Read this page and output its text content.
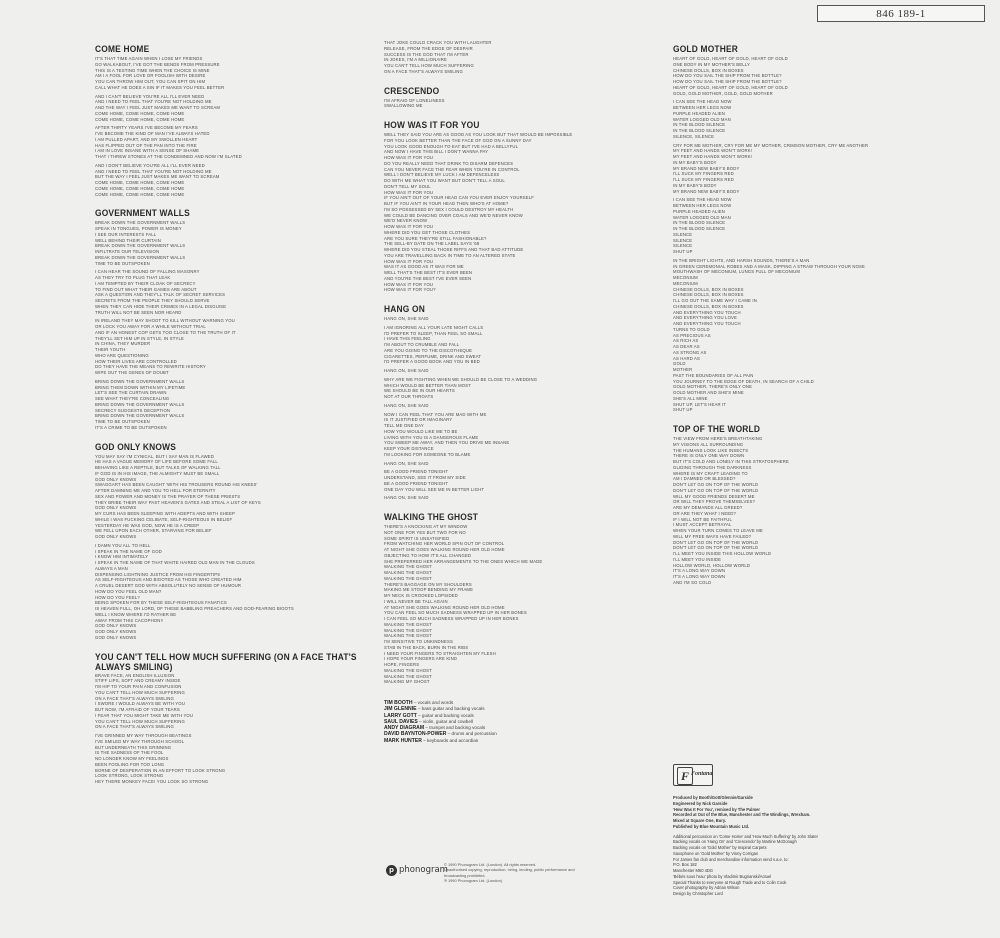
846 189-1
COME HOME
IT'S THAT TIME AGAIN WHEN I LOSE MY FRIENDS
GO WALKABOUT, I'VE GOT THE BENDS FROM PRESSURE
THIS IS A TESTING TIME WHEN THE CHOICE IS MINE
AM I A FOOL FOR LOVE OR FOOLISH WITH DESIRE
YOU CAN THROW HIM OUT, YOU CAN SPIT ON HIM
CALL WHAT HE DOES A SIN IF IT MAKES YOU FEEL BETTER
AND I CAN'T BELIEVE YOU'RE ALL I'LL EVER NEED
AND I NEED TO FEEL THAT YOU'RE NOT HOLDING ME
AND THE WAY I FEEL JUST MAKES ME WANT TO SCREAM
COME HOME, COME HOME, COME HOME
COME HOME, COME HOME, COME HOME
AFTER THIRTY YEARS I'VE BECOME MY FEARS
I'VE BECOME THE KIND OF MAN I'VE ALWAYS HATED
I AM PULLED APART, AND MY SWOLLEN HEART
HAS FLIPPED OUT OF THE PAN INTO THE FIRE
I AM IN LOVE INSANE WITH A SENSE OF SHAME
THAT I THREW STONES AT THE CONDEMNED AND NOW I'M SLATED
AND I DON'T BELIEVE YOU'RE ALL I'LL EVER NEED
AND I NEED TO FEEL THAT YOU'RE NOT HOLDING ME
BUT THE WAY I FEEL JUST MAKES ME WANT TO SCREAM
COME HOME, COME HOME, COME HOME
COME HOME, COME HOME, COME HOME
COME HOME, COME HOME, COME HOME
GOVERNMENT WALLS
BREAK DOWN THE GOVERNMENT WALLS
SPEAK IN TONGUES, POWER IS MONEY
I SEE OUR INTERESTS FALL
WELL BEHIND THEIR CURTAIN
BREAK DOWN THE GOVERNMENT WALLS
INFILTRATE OUR TELEVISION
BREAK DOWN THE GOVERNMENT WALLS
TIME TO BE OUTSPOKEN
I CAN HEAR THE SOUND OF FALLING MASONRY
AS THEY TRY TO PLUG THAT LEAK
I AM TEMPTED BY THEIR CLOAK OF SECRECY
TO FIND OUT WHAT THEIR GAMES ARE ABOUT
ASK A QUESTION AND THEY'LL TALK OF SECRET SERVICES
SECRETS FROM THE PEOPLE THEY SHOULD SERVE
WHEN THEY CAN HIDE THEIR CRIMES IN A LEGAL DISGUISE
TRUTH WILL NOT BE SEEN NOR HEARD
IN IRELAND THEY MAY SHOOT TO KILL WITHOUT WARNING YOU
OR LOCK YOU AWAY FOR A WHILE WITHOUT TRIAL
AND IF AN HONEST COP GETS TOO CLOSE TO THE TRUTH OF IT
THEY'LL SET HIM UP IN STYLE, IN STYLE
IN CHINA, THEY MURDER
THEIR YOUTH
WHO ARE QUESTIONING
HOW THEIR LIVES ARE CONTROLLED
DO THEY HAVE THE MEANS TO REWRITE HISTORY
WIPE OUT THE GENES OF DOUBT
BRING DOWN THE GOVERNMENT WALLS
BRING THEM DOWN WITHIN MY LIFETIME
LET'S SEE THE CURTAIN DRAWN
SEE WHAT THEY'RE CONCEALING
BRING DOWN THE GOVERNMENT WALLS
SECRECY SUGGESTS DECEPTION
BRING DOWN THE GOVERNMENT WALLS
TIME TO BE OUTSPOKEN
IT'S A CRIME TO BE OUTSPOKEN
GOD ONLY KNOWS
YOU MAY SAY I'M CYNICAL, BUT I SAY MAN IS FLAWED
HE HAS A VAGUE MEMORY OF LIFE BEFORE SOME FALL
BEHAVING LIKE A REPTILE, BUT TALKS OF WALKING TALL
IF GOD IS IN HIS IMAGE, THE ALMIGHTY MUST BE SMALL
GOD ONLY KNOWS
SWAGGART HAS BEEN CAUGHT 'WITH HIS TROUSERS ROUND HIS KNEES'
AFTER DAMNING ME AND YOU TO HELL FOR ETERNITY
SEX AND POWER AND MONEY IS THE PRAYER OF THESE PRIESTS
THEY BRIBE THEIR WAY PAST HEAVEN'S GATES AND STEAL A LIST OF KEYS
GOD ONLY KNOWS
MY CURS HAS BEEN SLEEPING WITH ADEPTS AND WITH SHEEP
WHILE I WAS FUCKING CELIBATE, SELF-RIGHTEOUS IN BELIEF
YESTERDAY HE WAS GOD, NOW HE IS A CREEP
WE FELL UPON EACH OTHER, STARVING FOR BELIEF
GOD ONLY KNOWS
I DAMN YOU ALL TO HELL
I SPEAK IN THE NAME OF GOD
I KNOW HIM INTIMATELY
I SPEAK IN THE NAME OF THAT WHITE HAIRED OLD MAN IN THE CLOUDS
ALWAYS A MAN
DISPENSING LIGHTNING JUSTICE FROM HIS FINGERTIPS
AS SELF-RIGHTEOUS AND BIGOTED AS THOSE WHO CREATED HIM
A CRUEL DESERT GOD WITH ABSOLUTELY NO SENSE OF HUMOUR
HOW DO YOU FEEL OLD MAN?
HOW DO YOU FEEL?
BEING SPOKEN FOR BY THESE SELF-RIGHTEOUS FANATICS
IS HEAVEN FULL, OH LORD, OF THESE BABBLING PREACHERS AND GOD-FEARING BIGOTS
WELL I KNOW WHERE I'D RATHER BE
AWAY FROM THIS CACOPHONY
GOD ONLY KNOWS
GOD ONLY KNOWS
GOD ONLY KNOWS
YOU CAN'T TELL HOW MUCH SUFFERING (ON A FACE THAT'S ALWAYS SMILING)
BRAVE FACE, AN ENGLISH ILLUSION
STIFF LIPS, SOFT AND CREAMY INSIDE
I'M HIP TO YOUR PAIN AND CONFUSION
YOU CAN'T TELL HOW MUCH SUFFERING
ON A FACE THAT'S ALWAYS SMILING
I SWORE I WOULD ALWAYS BE WITH YOU
BUT NOW, I'M AFRAID OF YOUR TEARS
I FEAR THAT YOU MIGHT TAKE ME WITH YOU
YOU CAN'T TELL HOW MUCH SUFFERING
ON A FACE THAT'S ALWAYS SMILING
I'VE GRINNED MY WAY THROUGH BEATINGS
I'VE SMILED MY WAY THROUGH SCHOOL
BUT UNDERNEATH THIS GRINNING
IS THE SADNESS OF THE FOOL
NO LONGER KNOW MY FEELINGS
BEEN FOOLING FOR TOO LONG
BORNE OF DESPERATION IN AN EFFORT TO LOOK STRONG
LOOK STRONG, LOOK STRONG
HEY THERE MONKEY FACE! YOU LOOK SO STRONG
THAT JOKE COULD CRACK YOU WITH LAUGHTER
RELEASE, FROM THE EDGE OF DESPAIR
SUCCESS IS THE GOD THAT I'M AFTER
IN JOKES, I'M A MILLIONAIRE
YOU CAN'T TELL HOW MUCH SUFFERING
ON A FACE THAT'S ALWAYS SMILING
CRESCENDO
I'M AFRAID OF LONELINESS
SWALLOWING ME
HOW WAS IT FOR YOU
WELL THEY SAID YOU ARE AS GOOD AS YOU LOOK BUT THAT WOULD BE IMPOSSIBLE
FOR YOU LOOK BETTER THAN THE FACE OF GOD ON A SUNNY DAY
YOU LOOK GOOD ENOUGH TO EAT BUT I'VE HAD A BELLYFUL
AND NOW I HAVE THIS BILL I DON'T WANNA PAY
HOW WAS IT FOR YOU
DO YOU REALLY NEED THAT DRINK TO DISARM DEFENCES
CAN YOU NEVER FACE THE FEAR WHEN YOU'RE IN CONTROL
WELL I DON'T BELIEVE MY LUCK I AM DEFENCELESS
DO WITH ME WHAT YOU WANT BUT DON'T TELL A SOUL
DON'T TELL MY SOUL
HOW WAS IT FOR YOU
IF YOU AIN'T OUT OF YOUR HEAD CAN YOU EVER ENJOY YOURSELF
BUT IF YOU AIN'T IN YOUR HEAD THEN WHO'S AT HOME?
I'M SO POSSESSED BY SEX I COULD DESTROY MY HEALTH
WE COULD BE DANCING OVER COALS AND WE'D NEVER KNOW
WE'D NEVER KNOW
HOW WAS IT FOR YOU
WHERE DID YOU GET THOSE CLOTHES
ARE YOU SURE THEY'RE STILL FASHIONABLE?
THE SELL-BY DATE ON THE LABEL SAYS '68
WHERE DID YOU STEAL THOSE RIFFS AND THAT BAD ATTITUDE
YOU ARE TRAVELLING BACK IN TIME TO AN ALTERED STATE
HOW WAS IT FOR YOU
WAS IT AS GOOD AS IT WAS FOR ME
WELL THAT'S THE BEST IT'S EVER BEEN
AND YOU'RE THE BEST I'VE EVER SEEN
HOW WAS IT FOR YOU
HOW WAS IT FOR YOU?
HANG ON
HANG ON, SHE SAID
I AM IGNORING ALL YOUR LATE NIGHT CALLS
I'D PREFER TO SLEEP, THAN FEEL SO SMALL
I HAVE THIS FEELING
I'M ABOUT TO CRUMBLE AND FALL
ARE YOU GOING TO THE DISCOTHEQUE
CIGARETTES, PERFUME, DRINK AND SWEAT
I'D PREFER A GOOD BOOK AND YOU IN BED
HANG ON, SHE SAID
WHY ARE WE FIGHTING WHEN WE SHOULD BE CLOSE TO A WEDDING
WHICH WOULD BE BETTER THAN MOST
WE SHOULD BE IN OUR HEARTS
NOT AT OUR THROATS
HANG ON, SHE SAID
NOW I CAN FEEL THAT YOU ARE MAD WITH ME
IS IT JUSTIFIED OR IMAGINARY
TELL ME ONE DAY
HOW YOU WOULD LIKE ME TO BE
LIVING WITH YOU IS A DANGEROUS FLAME
YOU SWEEP ME AWAY, AND THEN YOU DRIVE ME INSANE
KEEP YOUR DISTANCE
I'M LOOKING FOR SOMEONE TO BLAME
HANG ON, SHE SAID
BE A GOOD FRIEND TONIGHT
UNDERSTAND, SEE IT FROM MY SIDE
BE A GOOD FRIEND TONIGHT
ONE DAY YOU WILL SEE ME IN BETTER LIGHT
HANG ON, SHE SAID
WALKING THE GHOST
THERE'S A KNOCKING AT MY WINDOW
NOT ONE FOR YES BUT TWO FOR NO
SOME SPIRIT IS UNSATISFIED
FROM WATCHING HER WORLD SPIN OUT OF CONTROL
AT NIGHT SHE GOES WALKING ROUND HER OLD HOME
OBJECTING TO HOW IT'S ALL CHANGED
SHE PREFERRED HER ARRANGEMENTS TO THE ONES WHICH WE MADE
WALKING THE GHOST
WALKING THE GHOST
WALKING THE GHOST
THERE'S BAGGAGE ON MY SHOULDERS
MAKING ME STOOP BENDING MY FRAME
MY NECK IS CROOKED LOPSIDED
I WILL NEVER BE TALL AGAIN
AT NIGHT SHE GOES WALKING ROUND HER OLD HOME
YOU CAN FEEL SO MUCH SADNESS WRAPPED UP IN HER BONES
I CAN FEEL SO MUCH SADNESS WRAPPED UP IN HER BONES
WALKING THE GHOST
WALKING THE GHOST
WALKING THE GHOST
I'M SENSITIVE TO UNKINDNESS
STAB IN THE BACK, BURN IN THE RIBS
I NEED YOUR FINGERS TO STRAIGHTEN MY FLESH
I HOPE YOUR FINGERS ARE KIND
HOPE, FINGERS
WALKING THE GHOST
WALKING THE GHOST
WALKING MY GHOST
TIM BOOTH – vocals and words
JIM GLENNIE – bass guitar and backing vocals
LARRY GOTT – guitar and backing vocals
SAUL DAVIES – violin, guitar and cowbell
ANDY DIAGRAM – trumpet and backing vocals
DAVID BAYNTON-POWER – drums and percussion
MARK HUNTER – keyboards and accordian
GOLD MOTHER
HEART OF GOLD, HEART OF GOLD, HEART OF GOLD
ONE BODY IN MY MOTHER'S BELLY
CHINESE DOLLS, BOX IN BOXES
HOW DO YOU SAIL THE SHIP FROM THE BOTTLE?
HOW DO YOU SAIL THE SHIP FROM THE BOTTLE?
HEART OF GOLD, HEART OF GOLD, HEART OF GOLD
GOLD, GOLD MOTHER, GOLD, GOLD MOTHER
I CAN SEE THE HEAD NOW
BETWEEN HER LEGS NOW
PURPLE HEADED ALIEN
WATER LOGGED OLD MAN
IN THE BLOOD SILENCE
IN THE BLOOD SILENCE
SILENCE, SILENCE
CRY FOR ME MOTHER, CRY FOR ME MY MOTHER, CRIMSON MOTHER, CRY ME ANOTHER
MY FEET AND HANDS WON'T WORK!
MY FEET AND HANDS WON'T WORK!
IN MY BABY'S BODY
MY BRAND NEW BABY'S BODY
I'LL SUCK MY FINGERS RED
I'LL SUCK MY FINGERS RED
IN MY BABY'S BODY
MY BRAND NEW BABY'S BODY
I CAN SEE THE HEAD NOW
BETWEEN HER LEGS NOW
PURPLE HEADED ALIEN
WATER LOGGED OLD MAN
IN THE BLOOD SILENCE
IN THE BLOOD SILENCE
SILENCE
SILENCE
SILENCE
SHUT UP
IN THE BRIGHT LIGHTS, AND HARSH SOUNDS, THERE'S A MAN
IN GREEN CEREMONIAL ROBES AND A MASK, DIPPING A STRAW THROUGH YOUR NOSE
MOUTHWASH OF MECONIUM, LUNGS FULL OF MECONIUM
MECONIUM
MECONIUM
CHINESE DOLLS, BOX IN BOXES
CHINESE DOLLS, BOX IN BOXES
I'LL GO OUT THE SAME WAY I CAME IN
CHINESE DOLLS, BOX IN BOXES
AND EVERYTHING YOU TOUCH
AND EVERYTHING YOU LOVE
AND EVERYTHING YOU TOUCH
TURNS TO GOLD
AS PRECIOUS AS
AS RICH AS
AS DEAR AS
AS STRONG AS
AS HARD AS
GOLD
MOTHER
PAST THE BOUNDARIES OF ALL PAIN
YOU JOURNEY TO THE EDGE OF DEATH, IN SEARCH OF A CHILD
GOLD MOTHER, THERE'S ONLY ONE
GOLD MOTHER AND SHE'S MINE
SHE'S ALL MINE
SHUT UP, LET'S HEAR IT
SHUT UP
TOP OF THE WORLD
THE VIEW FROM HERE'S BREATHTAKING
MY VISIONS ALL SURROUNDING
THE HUMANS LOOK LIKE INSECTS
THERE IS ONLY ONE WAY DOWN
BUT IT'S COLD AND LONELY IN THIS STRATOSPHERE
GLIDING THROUGH THE DARKNESS
WHERE IS MY CRAFT LEADING TO
AM I DAMNED OR BLESSED?
DON'T LET GO ON TOP OF THE WORLD
DON'T LET GO ON TOP OF THE WORLD
WILL MY GOOD FRIENDS DESERT ME
OR WILL THEY PROVE THEMSELVES?
ARE MY DEMANDS ALL GREED?
OR ARE THEY WHAT I NEED?
IF I WILL NOT BE FAITHFUL
I MUST ACCEPT BETRAYAL
WHEN YOUR TURN COMES TO LEAVE ME
WILL MY FREE WAYS HAVE FAILED?
DON'T LET GO ON TOP OF THE WORLD
DON'T LET GO ON TOP OF THE WORLD
I'LL MEET YOU INSIDE THIS HOLLOW WORLD
I'LL MEET YOU INSIDE
HOLLOW WORLD, HOLLOW WORLD
IT'S A LONG WAY DOWN
IT'S A LONG WAY DOWN
AND I'M SO COLD
p phonogram
© 1990 Phonogram Ltd. (London). All rights reserved.
Unauthorised copying, reproduction, hiring, lending, public performance and
broadcasting prohibited.
℗ 1990 Phonogram Ltd. (London)
F Fontana
Produced by Booth/Gott/Glennie/Garside
Engineered by Nick Garside
'How Was It For You', remixed by The Palmer
Recorded at Out of the Blue, Manchester and The Windings, Wrexham.
Mixed at Square One, Bury.
Published by Blue Mountain Music Ltd.
Additional percussion on 'Come Home' and 'How Much Suffering' by John Slater
Backing vocals on 'Hang On' and 'Crescendo' by Martine McDonagh
Backing vocals on 'Gold Mother' by Inspiral Carpets
Saxophone on 'Gold Mother' by Vinny Corrigan
For James fan club and merchandise information send s.a.e. to:
P.O. Box 182
Manchester M60 4DG
'Bébés sous l'eau' photo by Vladimir Bugrianski/Actuel
Special Thanks to everyone at Rough Trade and to Colin Cook
Cover photography by Adrian Wilson
Design by Christopher Lord
